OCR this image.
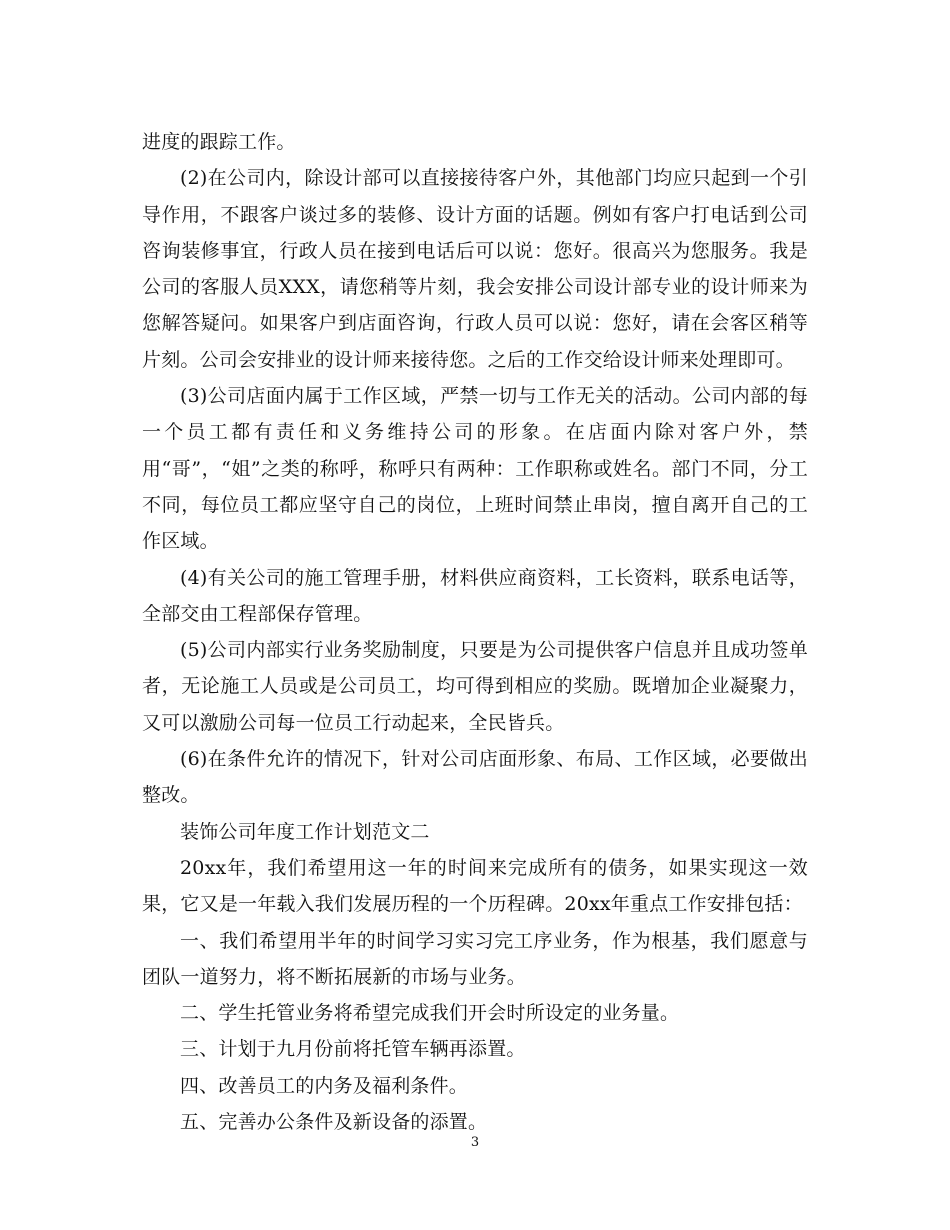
进度的跟踪工作。

(2)在公司内，除设计部可以直接接待客户外，其他部门均应只起到一个引导作用，不跟客户谈过多的装修、设计方面的话题。例如有客户打电话到公司咨询装修事宜，行政人员在接到电话后可以说：您好。很高兴为您服务。我是公司的客服人员XXX，请您稍等片刻，我会安排公司设计部专业的设计师来为您解答疑问。如果客户到店面咨询，行政人员可以说：您好，请在会客区稍等片刻。公司会安排业的设计师来接待您。之后的工作交给设计师来处理即可。

(3)公司店面内属于工作区域，严禁一切与工作无关的活动。公司内部的每一个员工都有责任和义务维持公司的形象。在店面内除对客户外，禁用“哥”，“姐”之类的称呼，称呼只有两种：工作职称或姓名。部门不同，分工不同，每位员工都应坚守自己的岗位，上班时间禁止串岗，擅自离开自己的工作区域。

(4)有关公司的施工管理手册，材料供应商资料，工长资料，联系电话等，全部交由工程部保存管理。

(5)公司内部实行业务奖励制度，只要是为公司提供客户信息并且成功签单者，无论施工人员或是公司员工，均可得到相应的奖励。既增加企业凝聚力，又可以激励公司每一位员工行动起来，全民皆兵。

(6)在条件允许的情况下，针对公司店面形象、布局、工作区域，必要做出整改。

装饰公司年度工作计划范文二

20xx年，我们希望用这一年的时间来完成所有的债务，如果实现这一效果，它又是一年载入我们发展历程的一个历程碑。20xx年重点工作安排包括：

一、我们希望用半年的时间学习实习完工序业务，作为根基，我们愿意与团队一道努力，将不断拓展新的市场与业务。

二、学生托管业务将希望完成我们开会时所设定的业务量。

三、计划于九月份前将托管车辆再添置。

四、改善员工的内务及福利条件。

五、完善办公条件及新设备的添置。

3
